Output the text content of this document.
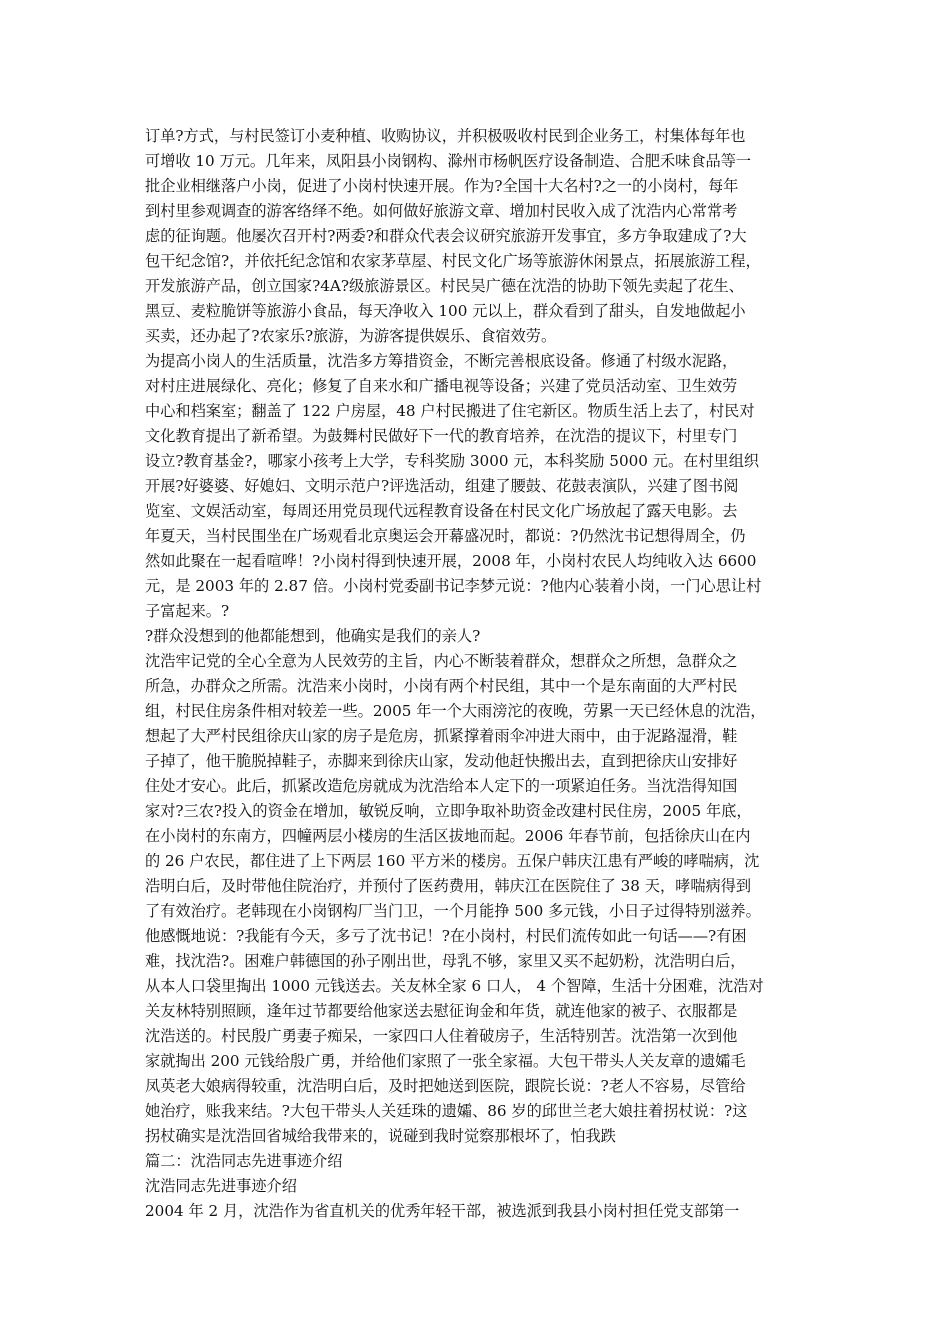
订单?方式，与村民签订小麦种植、收购协议，并积极吸收村民到企业务工，村集体每年也
可增收 10 万元。几年来，凤阳县小岗钢构、滁州市杨帆医疗设备制造、合肥禾味食品等一
批企业相继落户小岗，促进了小岗村快速开展。作为?全国十大名村?之一的小岗村，每年
到村里参观调查的游客络绎不绝。如何做好旅游文章、增加村民收入成了沈浩内心常常考
虑的征询题。他屡次召开村?两委?和群众代表会议研究旅游开发事宜，多方争取建成了?大
包干纪念馆?，并依托纪念馆和农家茅草屋、村民文化广场等旅游休闲景点，拓展旅游工程，
开发旅游产品，创立国家?4A?级旅游景区。村民吴广德在沈浩的协助下领先卖起了花生、
黑豆、麦粒脆饼等旅游小食品，每天净收入 100 元以上，群众看到了甜头，自发地做起小
买卖，还办起了?农家乐?旅游，为游客提供娱乐、食宿效劳。
为提高小岗人的生活质量，沈浩多方筹措资金，不断完善根底设备。修通了村级水泥路，
对村庄进展绿化、亮化；修复了自来水和广播电视等设备；兴建了党员活动室、卫生效劳
中心和档案室；翻盖了 122 户房屋，48 户村民搬进了住宅新区。物质生活上去了，村民对
文化教育提出了新希望。为鼓舞村民做好下一代的教育培养，在沈浩的提议下，村里专门
设立?教育基金?，哪家小孩考上大学，专科奖励 3000 元，本科奖励 5000 元。在村里组织
开展?好婆婆、好媳妇、文明示范户?评选活动，组建了腰鼓、花鼓表演队，兴建了图书阅
览室、文娱活动室，每周还用党员现代远程教育设备在村民文化广场放起了露天电影。去
年夏天，当村民围坐在广场观看北京奥运会开幕盛况时，都说：?仍然沈书记想得周全，仍
然如此聚在一起看喧哗！?小岗村得到快速开展，2008 年，小岗村农民人均纯收入达 6600
元，是 2003 年的 2.87 倍。小岗村党委副书记李梦元说：?他内心装着小岗，一门心思让村
子富起来。?
?群众没想到的他都能想到，他确实是我们的亲人?
沈浩牢记党的全心全意为人民效劳的主旨，内心不断装着群众，想群众之所想，急群众之
所急，办群众之所需。沈浩来小岗时，小岗有两个村民组，其中一个是东南面的大严村民
组，村民住房条件相对较差一些。2005 年一个大雨滂沱的夜晚，劳累一天已经休息的沈浩，
想起了大严村民组徐庆山家的房子是危房，抓紧撑着雨伞冲进大雨中，由于泥路湿滑，鞋
子掉了，他干脆脱掉鞋子，赤脚来到徐庆山家，发动他赶快搬出去，直到把徐庆山安排好
住处才安心。此后，抓紧改造危房就成为沈浩给本人定下的一项紧迫任务。当沈浩得知国
家对?三农?投入的资金在增加，敏锐反响，立即争取补助资金改建村民住房，2005 年底，
在小岗村的东南方，四幢两层小楼房的生活区拔地而起。2006 年春节前，包括徐庆山在内
的 26 户农民，都住进了上下两层 160 平方米的楼房。五保户韩庆江患有严峻的哮喘病，沈
浩明白后，及时带他住院治疗，并预付了医药费用，韩庆江在医院住了 38 天，哮喘病得到
了有效治疗。老韩现在小岗钢构厂当门卫，一个月能挣 500 多元钱，小日子过得特别滋养。
他感慨地说：?我能有今天，多亏了沈书记！?在小岗村，村民们流传如此一句话——?有困
难，找沈浩?。困难户韩德国的孙子刚出世，母乳不够，家里又买不起奶粉，沈浩明白后，
从本人口袋里掏出 1000 元钱送去。关友林全家 6 口人， 4 个智障，生活十分困难，沈浩对
关友林特别照顾，逢年过节都要给他家送去慰征询金和年货，就连他家的被子、衣服都是
沈浩送的。村民殷广勇妻子痴呆，一家四口人住着破房子，生活特别苦。沈浩第一次到他
家就掏出 200 元钱给殷广勇，并给他们家照了一张全家福。大包干带头人关友章的遗孀毛
凤英老大娘病得较重，沈浩明白后，及时把她送到医院，跟院长说：?老人不容易，尽管给
她治疗，账我来结。?大包干带头人关廷珠的遗孀、86 岁的邱世兰老大娘拄着拐杖说：?这
拐杖确实是沈浩回省城给我带来的，说碰到我时觉察那根坏了，怕我跌
篇二：沈浩同志先进事迹介绍
沈浩同志先进事迹介绍
2004 年 2 月，沈浩作为省直机关的优秀年轻干部，被选派到我县小岗村担任党支部第一
